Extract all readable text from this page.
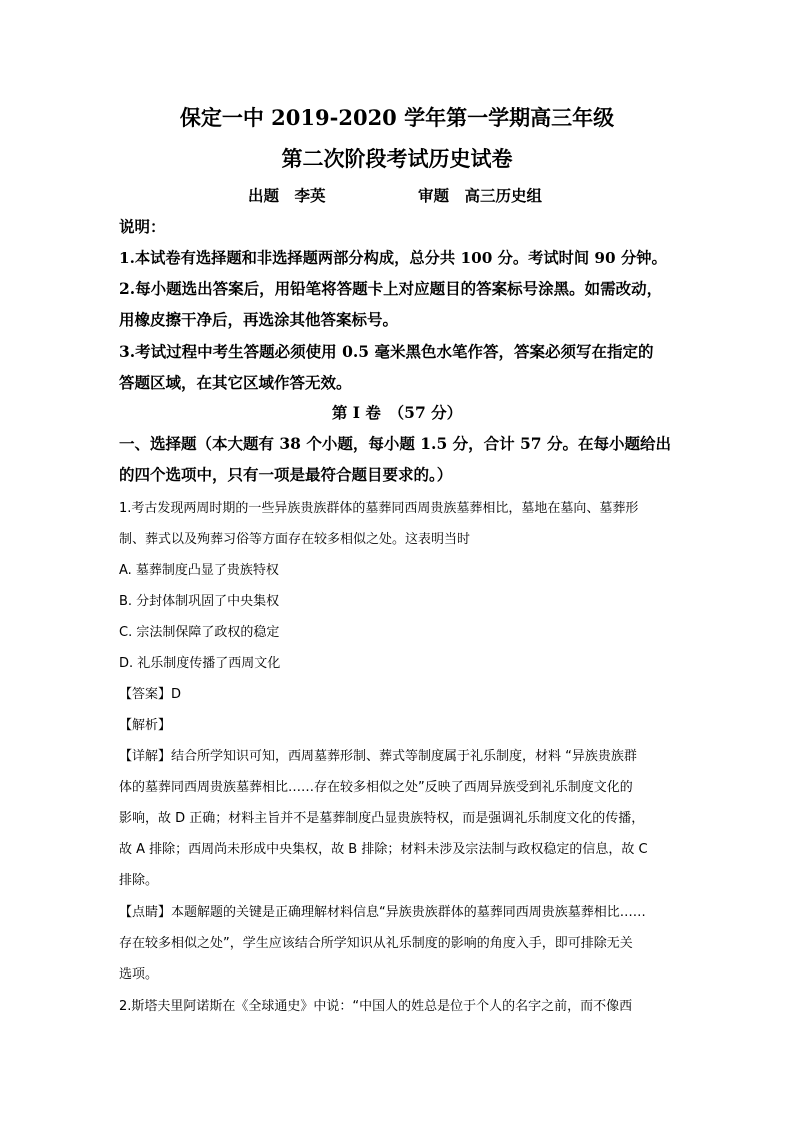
保定一中 2019-2020 学年第一学期高三年级
第二次阶段考试历史试卷
出题　李英	审题　高三历史组
说明：
1.本试卷有选择题和非选择题两部分构成，总分共 100 分。考试时间 90 分钟。
2.每小题选出答案后，用铅笔将答题卡上对应题目的答案标号涂黑。如需改动，
用橡皮擦干净后，再选涂其他答案标号。
3.考试过程中考生答题必须使用 0.5 毫米黑色水笔作答，答案必须写在指定的
答题区域，在其它区域作答无效。
第 I 卷　（57 分）
一、选择题（本大题有 38 个小题，每小题 1.5 分，合计 57 分。在每小题给出
的四个选项中，只有一项是最符合题目要求的。）
1.考古发现两周时期的一些异族贵族群体的墓葬同西周贵族墓葬相比，墓地在墓向、墓葬形
制、葬式以及殉葬习俗等方面存在较多相似之处。这表明当时
A. 墓葬制度凸显了贵族特权
B. 分封体制巩固了中央集权
C. 宗法制保障了政权的稳定
D. 礼乐制度传播了西周文化
【答案】D
【解析】
【详解】结合所学知识可知，西周墓葬形制、葬式等制度属于礼乐制度，材料 “异族贵族群
体的墓葬同西周贵族墓葬相比……存在较多相似之处”反映了西周异族受到礼乐制度文化的
影响，故 D 正确；材料主旨并不是墓葬制度凸显贵族特权，而是强调礼乐制度文化的传播，
故 A 排除；西周尚未形成中央集权，故 B 排除；材料未涉及宗法制与政权稳定的信息，故 C
排除。
【点睛】本题解题的关键是正确理解材料信息“异族贵族群体的墓葬同西周贵族墓葬相比……
存在较多相似之处”，学生应该结合所学知识从礼乐制度的影响的角度入手，即可排除无关
选项。
2.斯塔夫里阿诺斯在《全球通史》中说：“中国人的姓总是位于个人的名字之前，而不像西
